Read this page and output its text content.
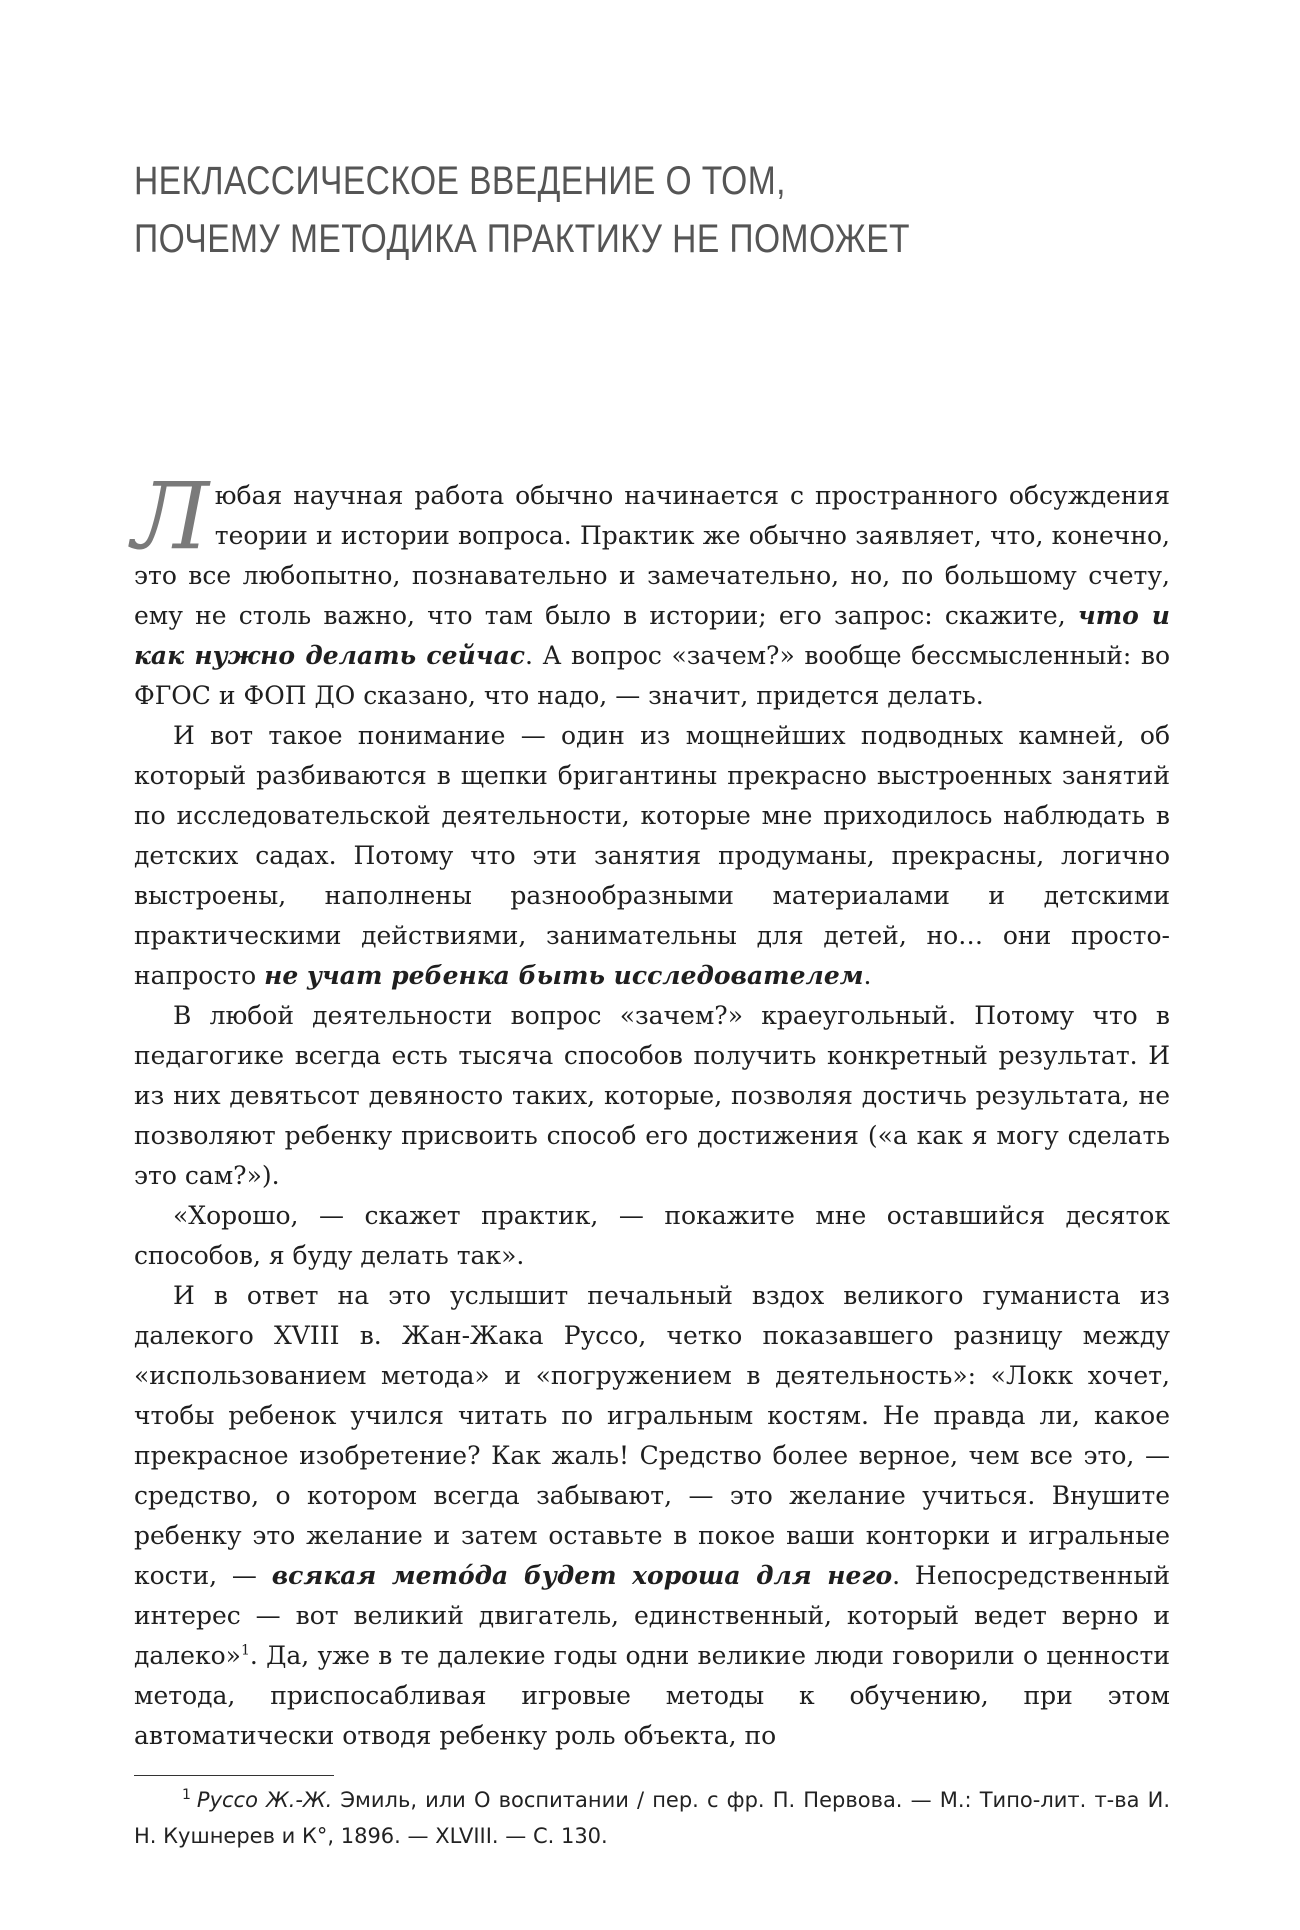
НЕКЛАССИЧЕСКОЕ ВВЕДЕНИЕ О ТОМ,
ПОЧЕМУ МЕТОДИКА ПРАКТИКУ НЕ ПОМОЖЕТ

Любая научная работа обычно начинается с пространного обсуждения теории и истории вопроса. Практик же обычно заявляет, что, конечно, это все любопытно, познавательно и замечательно, но, по большому счету, ему не столь важно, что там было в истории; его запрос: скажите, что и как нужно делать сейчас. А вопрос «зачем?» вообще бессмысленный: во ФГОС и ФОП ДО сказано, что надо, — значит, придется делать.

И вот такое понимание — один из мощнейших подводных камней, об который разбиваются в щепки бригантины прекрасно выстроенных занятий по исследовательской деятельности, которые мне приходилось наблюдать в детских садах. Потому что эти занятия продуманы, прекрасны, логично выстроены, наполнены разнообразными материалами и детскими практическими действиями, занимательны для детей, но… они просто-напросто не учат ребенка быть исследователем.

В любой деятельности вопрос «зачем?» краеугольный. Потому что в педагогике всегда есть тысяча способов получить конкретный результат. И из них девятьсот девяносто таких, которые, позволяя достичь результата, не позволяют ребенку присвоить способ его достижения («а как я могу сделать это сам?»).

«Хорошо, — скажет практик, — покажите мне оставшийся десяток способов, я буду делать так».

И в ответ на это услышит печальный вздох великого гуманиста из далекого XVIII в. Жан-Жака Руссо, четко показавшего разницу между «использованием метода» и «погружением в деятельность»: «Локк хочет, чтобы ребенок учился читать по игральным костям. Не правда ли, какое прекрасное изобретение? Как жаль! Средство более верное, чем все это, — средство, о котором всегда забывают, — это желание учиться. Внушите ребенку это желание и затем оставьте в покое ваши конторки и игральные кости, — всякая метóда будет хороша для него. Непосредственный интерес — вот великий двигатель, единственный, который ведет верно и далеко»$^1$. Да, уже в те далекие годы одни великие люди говорили о ценности метода, приспосабливая игровые методы к обучению, при этом автоматически отводя ребенку роль объекта, по

$^1$ Руссо Ж.-Ж. Эмиль, или О воспитании / пер. с фр. П. Первова. — М.: Типо-лит. т-ва И. Н. Кушнерев и К°, 1896. — XLVIII. — С. 130.
